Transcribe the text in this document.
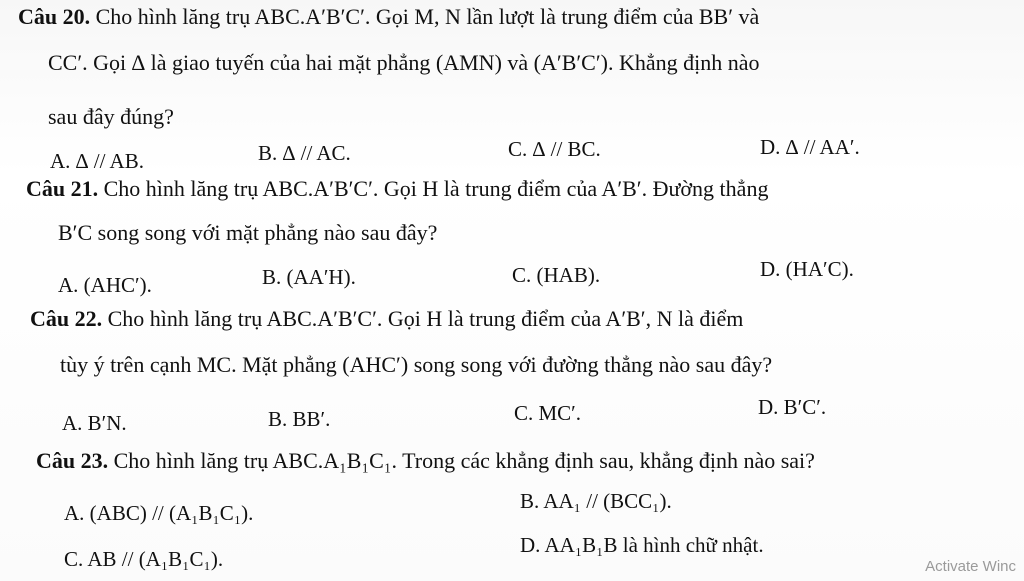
Câu 20. Cho hình lăng trụ ABC.A′B′C′. Gọi M, N lần lượt là trung điểm của BB′ và
CC′. Gọi ∆ là giao tuyến của hai mặt phẳng (AMN) và (A′B′C′). Khẳng định nào
sau đây đúng?
A. ∆ // AB.	B. ∆ // AC.	C. ∆ // BC.	D. ∆ // AA′.
Câu 21. Cho hình lăng trụ ABC.A′B′C′. Gọi H là trung điểm của A′B′. Đường thẳng
B′C song song với mặt phẳng nào sau đây?
A. (AHC′).	B. (AA′H).	C. (HAB).	D. (HA′C).
Câu 22. Cho hình lăng trụ ABC.A′B′C′. Gọi H là trung điểm của A′B′, N là điểm
tùy ý trên cạnh MC. Mặt phẳng (AHC′) song song với đường thẳng nào sau đây?
A. B′N.	B. BB′.	C. MC′.	D. B′C′.
Câu 23. Cho hình lăng trụ ABC.A₁B₁C₁. Trong các khẳng định sau, khẳng định nào sai?
A. (ABC) // (A₁B₁C₁).	B. AA₁ // (BCC₁).
C. AB // (A₁B₁C₁).
D. AA₁B₁B là hình chữ nhật.
Activate Winc
